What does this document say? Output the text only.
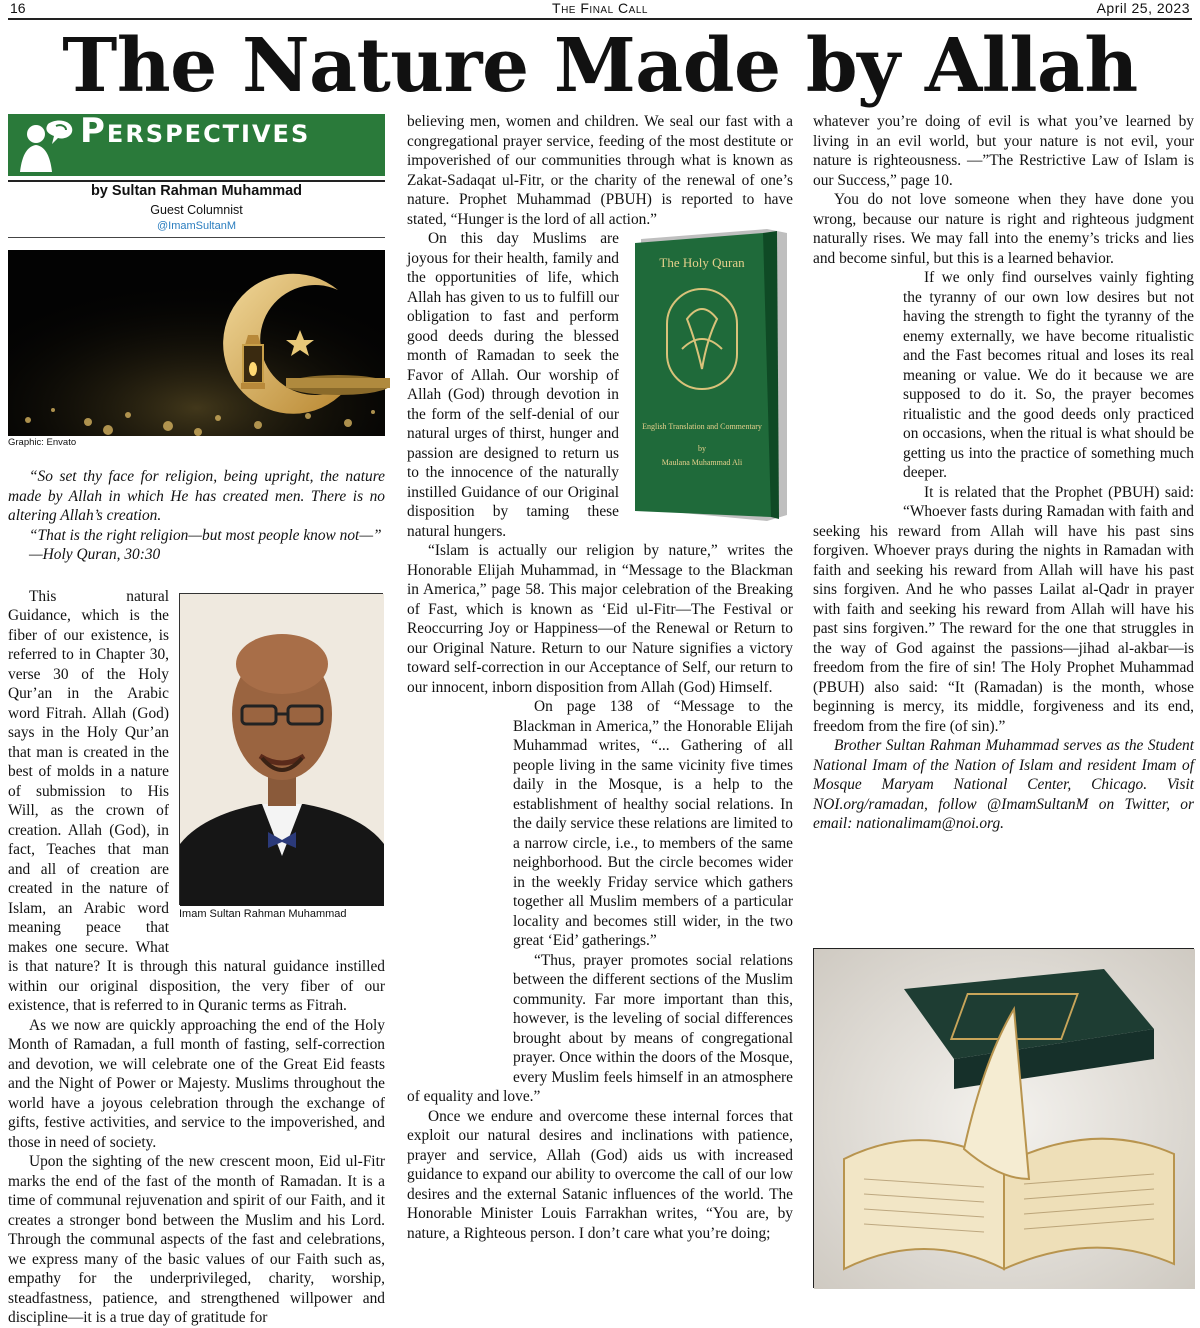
16	The Final Call	April 25, 2023
The Nature Made by Allah
Perspectives
by Sultan Rahman Muhammad
Guest Columnist
@ImamSultanM
Graphic: Envato

“So set thy face for religion, being upright, the nature made by Allah in which He has created men. There is no altering Allah’s creation.

“That is the right religion—but most people know not—”

—Holy Quran, 30:30

Imam Sultan Rahman Muhammad

This natural Guidance, which is the fiber of our existence, is referred to in Chapter 30, verse 30 of the Holy Qur’an in the Arabic word Fitrah. Allah (God) says in the Holy Qur’an that man is created in the best of molds in a nature of submission to His Will, as the crown of creation. Allah (God), in fact, Teaches that man and all of creation are created in the nature of Islam, an Arabic word meaning peace that makes one secure. What is that nature? It is through this natural guidance instilled within our original disposition, the very fiber of our existence, that is referred to in Quranic terms as Fitrah.

As we now are quickly approaching the end of the Holy Month of Ramadan, a full month of fasting, self-correction and devotion, we will celebrate one of the Great Eid feasts and the Night of Power or Majesty. Muslims throughout the world have a joyous celebration through the exchange of gifts, festive activities, and service to the impoverished, and those in need of society.

Upon the sighting of the new crescent moon, Eid ul-Fitr marks the end of the fast of the month of Ramadan. It is a time of communal rejuvenation and spirit of our Faith, and it creates a stronger bond between the Muslim and his Lord. Through the communal aspects of the fast and celebrations, we express many of the basic values of our Faith such as, empathy for the underprivileged, charity, worship, steadfastness, patience, and strengthened willpower and discipline—it is a true day of gratitude for

believing men, women and children. We seal our fast with a congregational prayer service, feeding of the most destitute or impoverished of our communities through what is known as Zakat-Sadaqat ul-Fitr, or the charity of the renewal of one’s nature. Prophet Muhammad (PBUH) is reported to have stated, “Hunger is the lord of all action.”

The Holy Quran
English Translation and Commentary
by
Maulana Muhammad Ali

On this day Muslims are joyous for their health, family and the opportunities of life, which Allah has given to us to fulfill our obligation to fast and perform good deeds during the blessed month of Ramadan to seek the Favor of Allah. Our worship of Allah (God) through devotion in the form of the self-denial of our natural urges of thirst, hunger and passion are designed to return us to the innocence of the naturally instilled Guidance of our Original disposition by taming these natural hungers.

“Islam is actually our religion by nature,” writes the Honorable Elijah Muhammad, in “Message to the Blackman in America,” page 58. This major celebration of the Breaking of Fast, which is known as ‘Eid ul-Fitr—The Festival or Reoccurring Joy or Happiness—of the Renewal or Return to our Original Nature. Return to our Nature signifies a victory toward self-correction in our Acceptance of Self, our return to our innocent, inborn disposition from Allah (God) Himself.

On page 138 of “Message to the Blackman in America,” the Honorable Elijah Muhammad writes, “... Gathering of all people living in the same vicinity five times daily in the Mosque, is a help to the establishment of healthy social relations. In the daily service these relations are limited to a narrow circle, i.e., to members of the same neighborhood. But the circle becomes wider in the weekly Friday service which gathers together all Muslim members of a particular locality and becomes still wider, in the two great ‘Eid’ gatherings.”

“Thus, prayer promotes social relations between the different sections of the Muslim community. Far more important than this, however, is the leveling of social differences brought about by means of congregational prayer. Once within the doors of the Mosque, every Muslim feels himself in an atmosphere of equality and love.”

Once we endure and overcome these internal forces that exploit our natural desires and inclinations with patience, prayer and service, Allah (God) aids us with increased guidance to expand our ability to overcome the call of our low desires and the external Satanic influences of the world. The Honorable Minister Louis Farrakhan writes, “You are, by nature, a Righteous person. I don’t care what you’re doing;

whatever you’re doing of evil is what you’ve learned by living in an evil world, but your nature is not evil, your nature is righteousness. —”The Restrictive Law of Islam is our Success,” page 10.

You do not love someone when they have done you wrong, because our nature is right and righteous judgment naturally rises. We may fall into the enemy’s tricks and lies and become sinful, but this is a learned behavior.

If we only find ourselves vainly fighting the tyranny of our own low desires but not having the strength to fight the tyranny of the enemy externally, we have become ritualistic and the Fast becomes ritual and loses its real meaning or value. We do it because we are supposed to do it. So, the prayer becomes ritualistic and the good deeds only practiced on occasions, when the ritual is what should be getting us into the practice of something much deeper.

It is related that the Prophet (PBUH) said: “Whoever fasts during Ramadan with faith and seeking his reward from Allah will have his past sins forgiven. Whoever prays during the nights in Ramadan with faith and seeking his reward from Allah will have his past sins forgiven. And he who passes Lailat al-Qadr in prayer with faith and seeking his reward from Allah will have his past sins forgiven.” The reward for the one that struggles in the way of God against the passions—jihad al-akbar—is freedom from the fire of sin! The Holy Prophet Muhammad (PBUH) also said: “It (Ramadan) is the month, whose beginning is mercy, its middle, forgiveness and its end, freedom from the fire (of sin).”

Brother Sultan Rahman Muhammad serves as the Student National Imam of the Nation of Islam and resident Imam of Mosque Maryam National Center, Chicago. Visit NOI.org/ramadan, follow @ImamSultanM on Twitter, or email: nationalimam@noi.org.
